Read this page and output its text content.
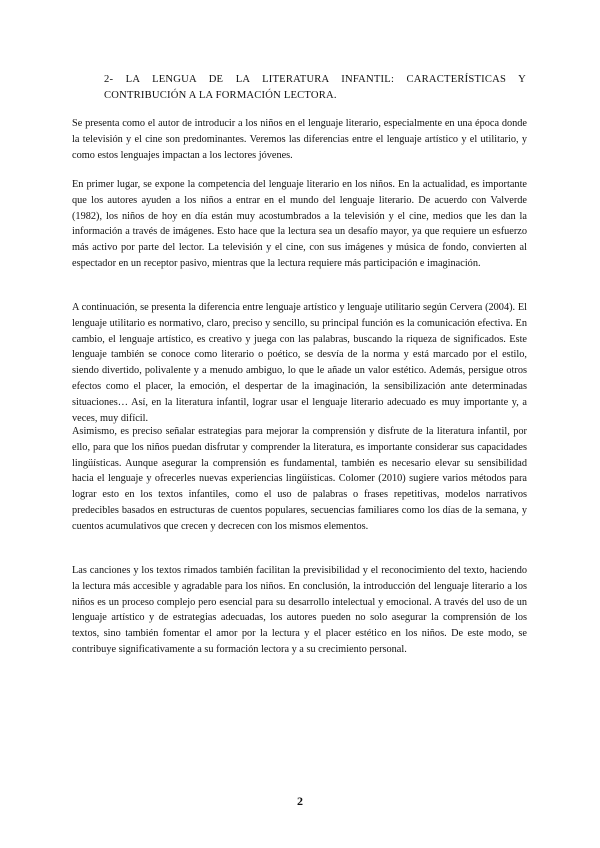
2- LA LENGUA DE LA LITERATURA INFANTIL: CARACTERÍSTICAS Y CONTRIBUCIÓN A LA FORMACIÓN LECTORA.

Se presenta como el autor de introducir a los niños en el lenguaje literario, especialmente en una época donde la televisión y el cine son predominantes. Veremos las diferencias entre el lenguaje artístico y el utilitario, y como estos lenguajes impactan a los lectores jóvenes.

En primer lugar, se expone la competencia del lenguaje literario en los niños. En la actualidad, es importante que los autores ayuden a los niños a entrar en el mundo del lenguaje literario. De acuerdo con Valverde (1982), los niños de hoy en día están muy acostumbrados a la televisión y el cine, medios que les dan la información a través de imágenes. Esto hace que la lectura sea un desafío mayor, ya que requiere un esfuerzo más activo por parte del lector. La televisión y el cine, con sus imágenes y música de fondo, convierten al espectador en un receptor pasivo, mientras que la lectura requiere más participación e imaginación.

A continuación, se presenta la diferencia entre lenguaje artístico y lenguaje utilitario según Cervera (2004). El lenguaje utilitario es normativo, claro, preciso y sencillo, su principal función es la comunicación efectiva. En cambio, el lenguaje artístico, es creativo y juega con las palabras, buscando la riqueza de significados. Este lenguaje también se conoce como literario o poético, se desvía de la norma y está marcado por el estilo, siendo divertido, polivalente y a menudo ambiguo, lo que le añade un valor estético. Además, persigue otros efectos como el placer, la emoción, el despertar de la imaginación, la sensibilización ante determinadas situaciones… Así, en la literatura infantil, lograr usar el lenguaje literario adecuado es muy importante y, a veces, muy difícil.

Asimismo, es preciso señalar estrategias para mejorar la comprensión y disfrute de la literatura infantil, por ello, para que los niños puedan disfrutar y comprender la literatura, es importante considerar sus capacidades lingüísticas. Aunque asegurar la comprensión es fundamental, también es necesario elevar su sensibilidad hacia el lenguaje y ofrecerles nuevas experiencias lingüísticas. Colomer (2010) sugiere varios métodos para lograr esto en los textos infantiles, como el uso de palabras o frases repetitivas, modelos narrativos predecibles basados en estructuras de cuentos populares, secuencias familiares como los días de la semana, y cuentos acumulativos que crecen y decrecen con los mismos elementos.

Las canciones y los textos rimados también facilitan la previsibilidad y el reconocimiento del texto, haciendo la lectura más accesible y agradable para los niños. En conclusión, la introducción del lenguaje literario a los niños es un proceso complejo pero esencial para su desarrollo intelectual y emocional. A través del uso de un lenguaje artístico y de estrategias adecuadas, los autores pueden no solo asegurar la comprensión de los textos, sino también fomentar el amor por la lectura y el placer estético en los niños. De este modo, se contribuye significativamente a su formación lectora y a su crecimiento personal.

2
